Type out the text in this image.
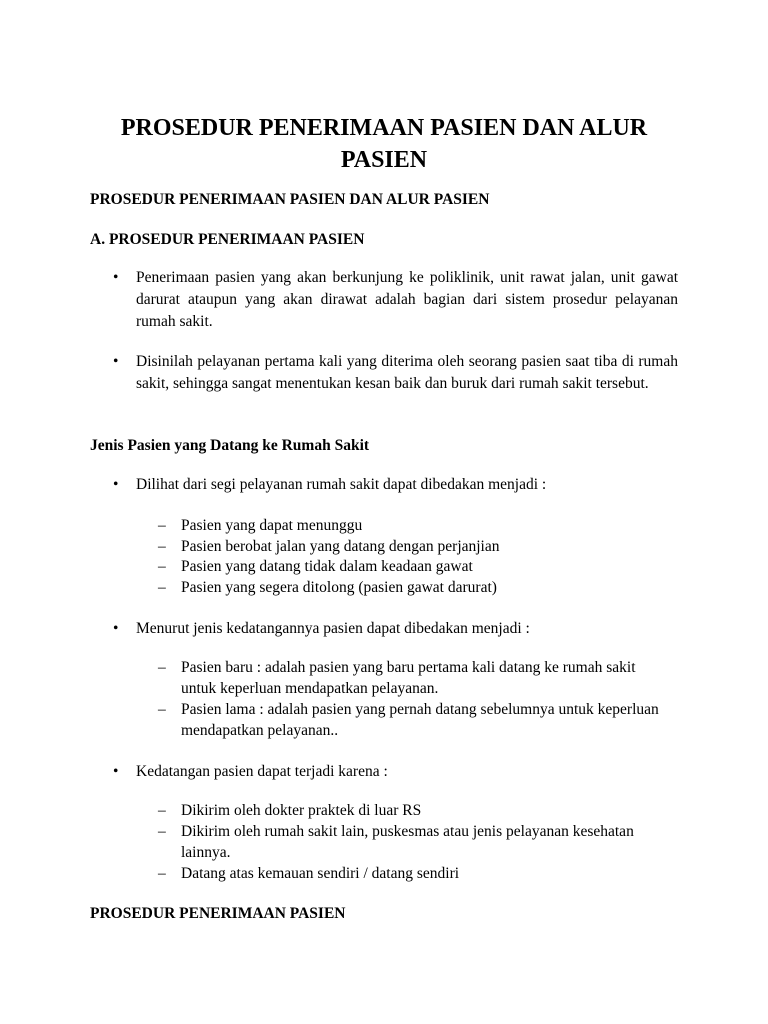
PROSEDUR PENERIMAAN PASIEN DAN ALUR PASIEN

PROSEDUR PENERIMAAN PASIEN DAN ALUR PASIEN

A. PROSEDUR PENERIMAAN PASIEN

• Penerimaan pasien yang akan berkunjung ke poliklinik, unit rawat jalan, unit gawat darurat ataupun yang akan dirawat adalah bagian dari sistem prosedur pelayanan rumah sakit.

• Disinilah pelayanan pertama kali yang diterima oleh seorang pasien saat tiba di rumah sakit, sehingga sangat menentukan kesan baik dan buruk dari rumah sakit tersebut.

Jenis Pasien yang Datang ke Rumah Sakit

• Dilihat dari segi pelayanan rumah sakit dapat dibedakan menjadi :

– Pasien yang dapat menunggu

– Pasien berobat jalan yang datang dengan perjanjian

– Pasien yang datang tidak dalam keadaan gawat

– Pasien yang segera ditolong (pasien gawat darurat)

• Menurut jenis kedatangannya pasien dapat dibedakan menjadi :

– Pasien baru : adalah pasien yang baru pertama kali datang ke rumah sakit untuk keperluan mendapatkan pelayanan.

– Pasien lama : adalah pasien yang pernah datang sebelumnya untuk keperluan mendapatkan pelayanan..

• Kedatangan pasien dapat terjadi karena :

– Dikirim oleh dokter praktek di luar RS

– Dikirim oleh rumah sakit lain, puskesmas atau jenis pelayanan kesehatan lainnya.

– Datang atas kemauan sendiri / datang sendiri

PROSEDUR PENERIMAAN PASIEN
